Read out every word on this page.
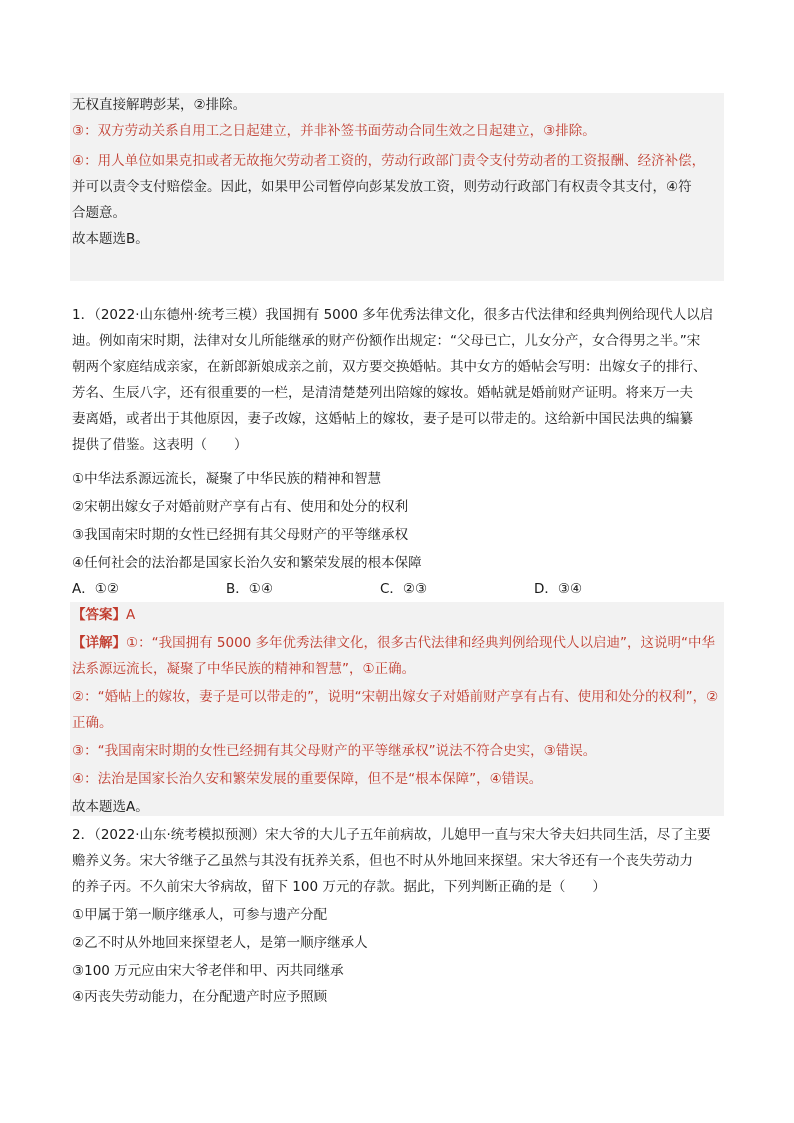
无权直接解聘彭某，②排除。
③：双方劳动关系自用工之日起建立，并非补签书面劳动合同生效之日起建立，③排除。
④：用人单位如果克扣或者无故拖欠劳动者工资的，劳动行政部门责令支付劳动者的工资报酬、经济补偿，
并可以责令支付赔偿金。因此，如果甲公司暂停向彭某发放工资，则劳动行政部门有权责令其支付，④符
合题意。
故本题选B。
1．（2022·山东德州·统考三模）我国拥有 5000 多年优秀法律文化，很多古代法律和经典判例给现代人以启
迪。例如南宋时期，法律对女儿所能继承的财产份额作出规定：“父母已亡，儿女分产，女合得男之半。”宋
朝两个家庭结成亲家，在新郎新娘成亲之前，双方要交换婚帖。其中女方的婚帖会写明：出嫁女子的排行、
芳名、生辰八字，还有很重要的一栏，是清清楚楚列出陪嫁的嫁妆。婚帖就是婚前财产证明。将来万一夫
妻离婚，或者出于其他原因，妻子改嫁，这婚帖上的嫁妆，妻子是可以带走的。这给新中国民法典的编纂
提供了借鉴。这表明（　　）
①中华法系源远流长，凝聚了中华民族的精神和智慧
②宋朝出嫁女子对婚前财产享有占有、使用和处分的权利
③我国南宋时期的女性已经拥有其父母财产的平等继承权
④任何社会的法治都是国家长治久安和繁荣发展的根本保障
A．①②	B．①④	C．②③	D．③④
【答案】A
【详解】①：“我国拥有 5000 多年优秀法律文化，很多古代法律和经典判例给现代人以启迪”，这说明“中华
法系源远流长，凝聚了中华民族的精神和智慧”，①正确。
②：“婚帖上的嫁妆，妻子是可以带走的”，说明“宋朝出嫁女子对婚前财产享有占有、使用和处分的权利”，②
正确。
③：“我国南宋时期的女性已经拥有其父母财产的平等继承权”说法不符合史实，③错误。
④：法治是国家长治久安和繁荣发展的重要保障，但不是“根本保障”，④错误。
故本题选A。
2．（2022·山东·统考模拟预测）宋大爷的大儿子五年前病故，儿媳甲一直与宋大爷夫妇共同生活，尽了主要
赡养义务。宋大爷继子乙虽然与其没有抚养关系，但也不时从外地回来探望。宋大爷还有一个丧失劳动力
的养子丙。不久前宋大爷病故，留下 100 万元的存款。据此，下列判断正确的是（　　）
①甲属于第一顺序继承人，可参与遗产分配
②乙不时从外地回来探望老人，是第一顺序继承人
③100 万元应由宋大爷老伴和甲、丙共同继承
④丙丧失劳动能力，在分配遗产时应予照顾
